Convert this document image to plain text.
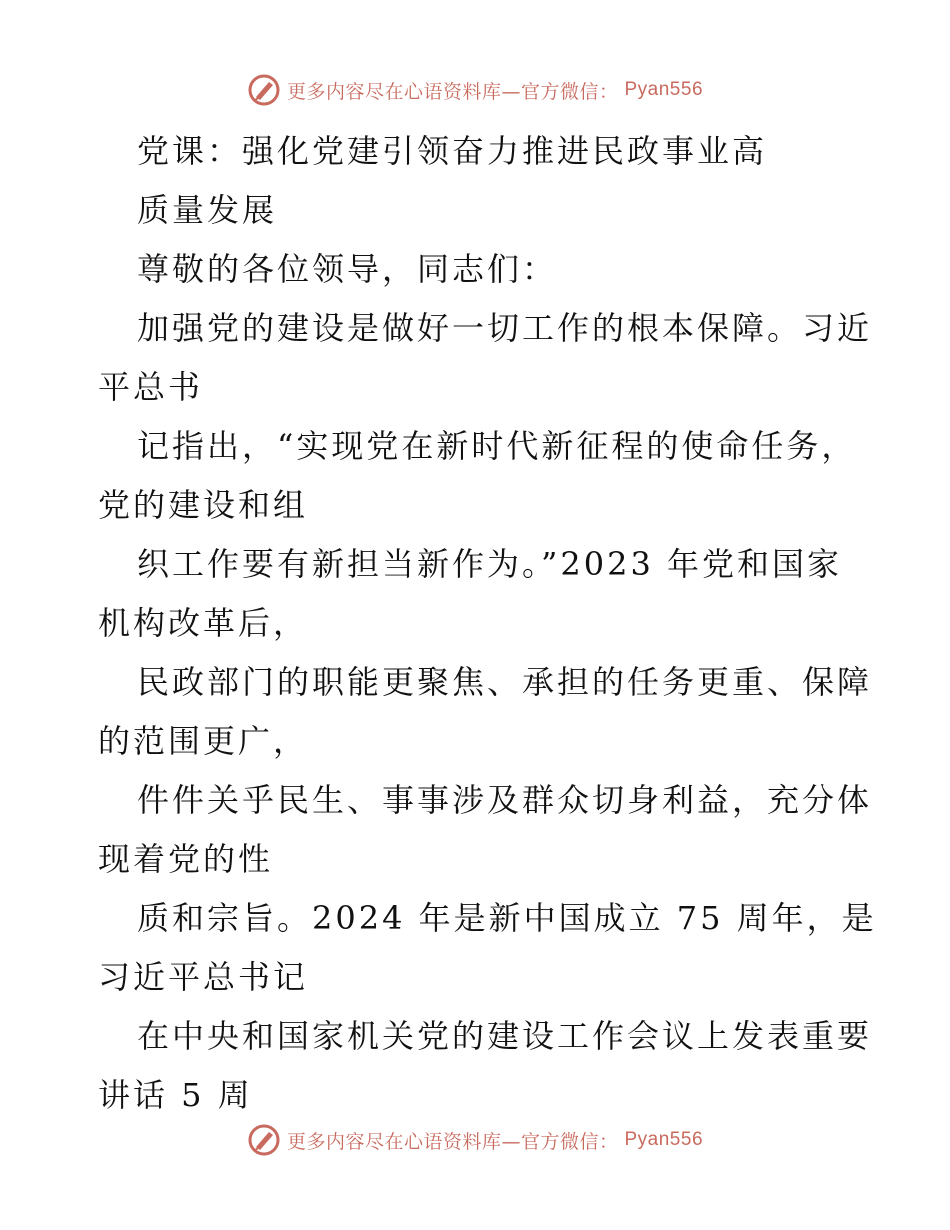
更多内容尽在心语资料库—官方微信： Pyan556
党课：强化党建引领奋力推进民政事业高
质量发展
尊敬的各位领导，同志们：
加强党的建设是做好一切工作的根本保障。习近
平总书
记指出，“实现党在新时代新征程的使命任务，
党的建设和组
织工作要有新担当新作为。”2023 年党和国家
机构改革后，
民政部门的职能更聚焦、承担的任务更重、保障
的范围更广，
件件关乎民生、事事涉及群众切身利益，充分体
现着党的性
质和宗旨。2024 年是新中国成立 75 周年，是
习近平总书记
在中央和国家机关党的建设工作会议上发表重要
讲话 5 周
更多内容尽在心语资料库—官方微信： Pyan556
